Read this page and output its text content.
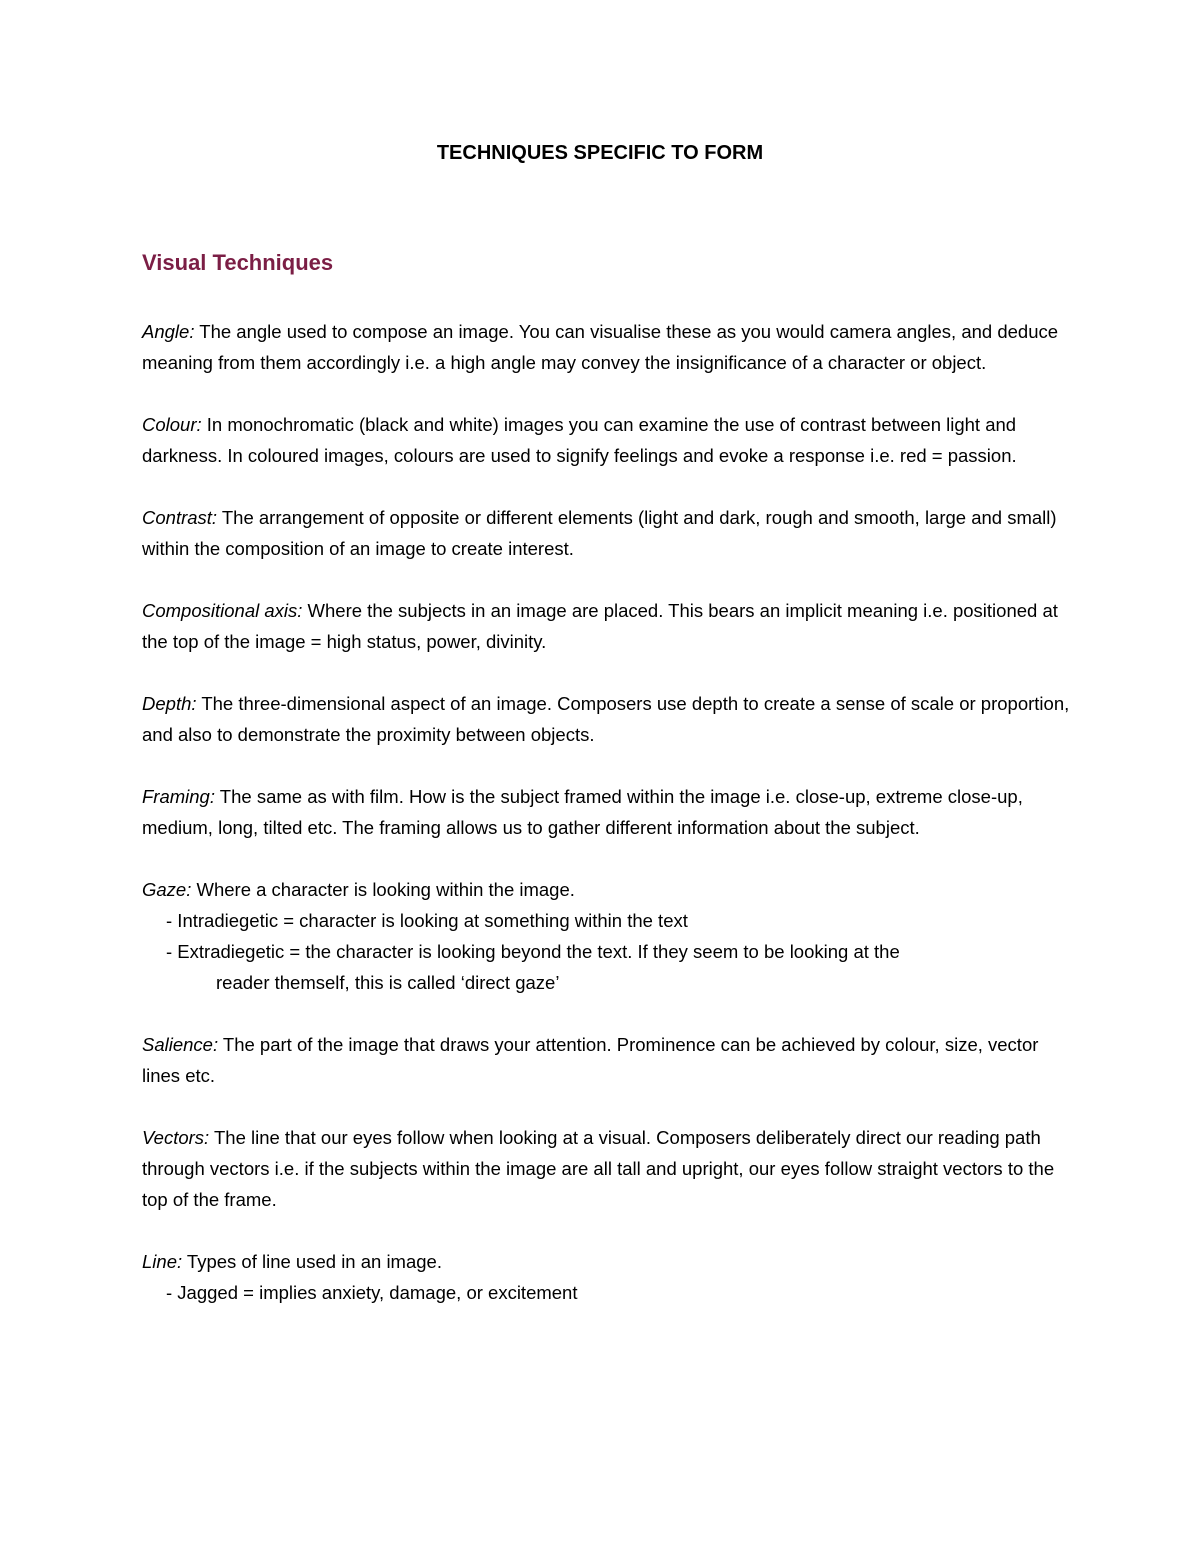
TECHNIQUES SPECIFIC TO FORM
Visual Techniques
Angle: The angle used to compose an image. You can visualise these as you would camera angles, and deduce meaning from them accordingly i.e. a high angle may convey the insignificance of a character or object.
Colour: In monochromatic (black and white) images you can examine the use of contrast between light and darkness. In coloured images, colours are used to signify feelings and evoke a response i.e. red = passion.
Contrast: The arrangement of opposite or different elements (light and dark, rough and smooth, large and small) within the composition of an image to create interest.
Compositional axis: Where the subjects in an image are placed. This bears an implicit meaning i.e. positioned at the top of the image = high status, power, divinity.
Depth: The three-dimensional aspect of an image. Composers use depth to create a sense of scale or proportion, and also to demonstrate the proximity between objects.
Framing: The same as with film. How is the subject framed within the image i.e. close-up, extreme close-up, medium, long, tilted etc. The framing allows us to gather different information about the subject.
Gaze: Where a character is looking within the image.
- Intradiegetic = character is looking at something within the text
- Extradiegetic = the character is looking beyond the text. If they seem to be looking at the
reader themself, this is called ‘direct gaze’
Salience: The part of the image that draws your attention. Prominence can be achieved by colour, size, vector lines etc.
Vectors: The line that our eyes follow when looking at a visual. Composers deliberately direct our reading path through vectors i.e. if the subjects within the image are all tall and upright, our eyes follow straight vectors to the top of the frame.
Line: Types of line used in an image.
- Jagged = implies anxiety, damage, or excitement
